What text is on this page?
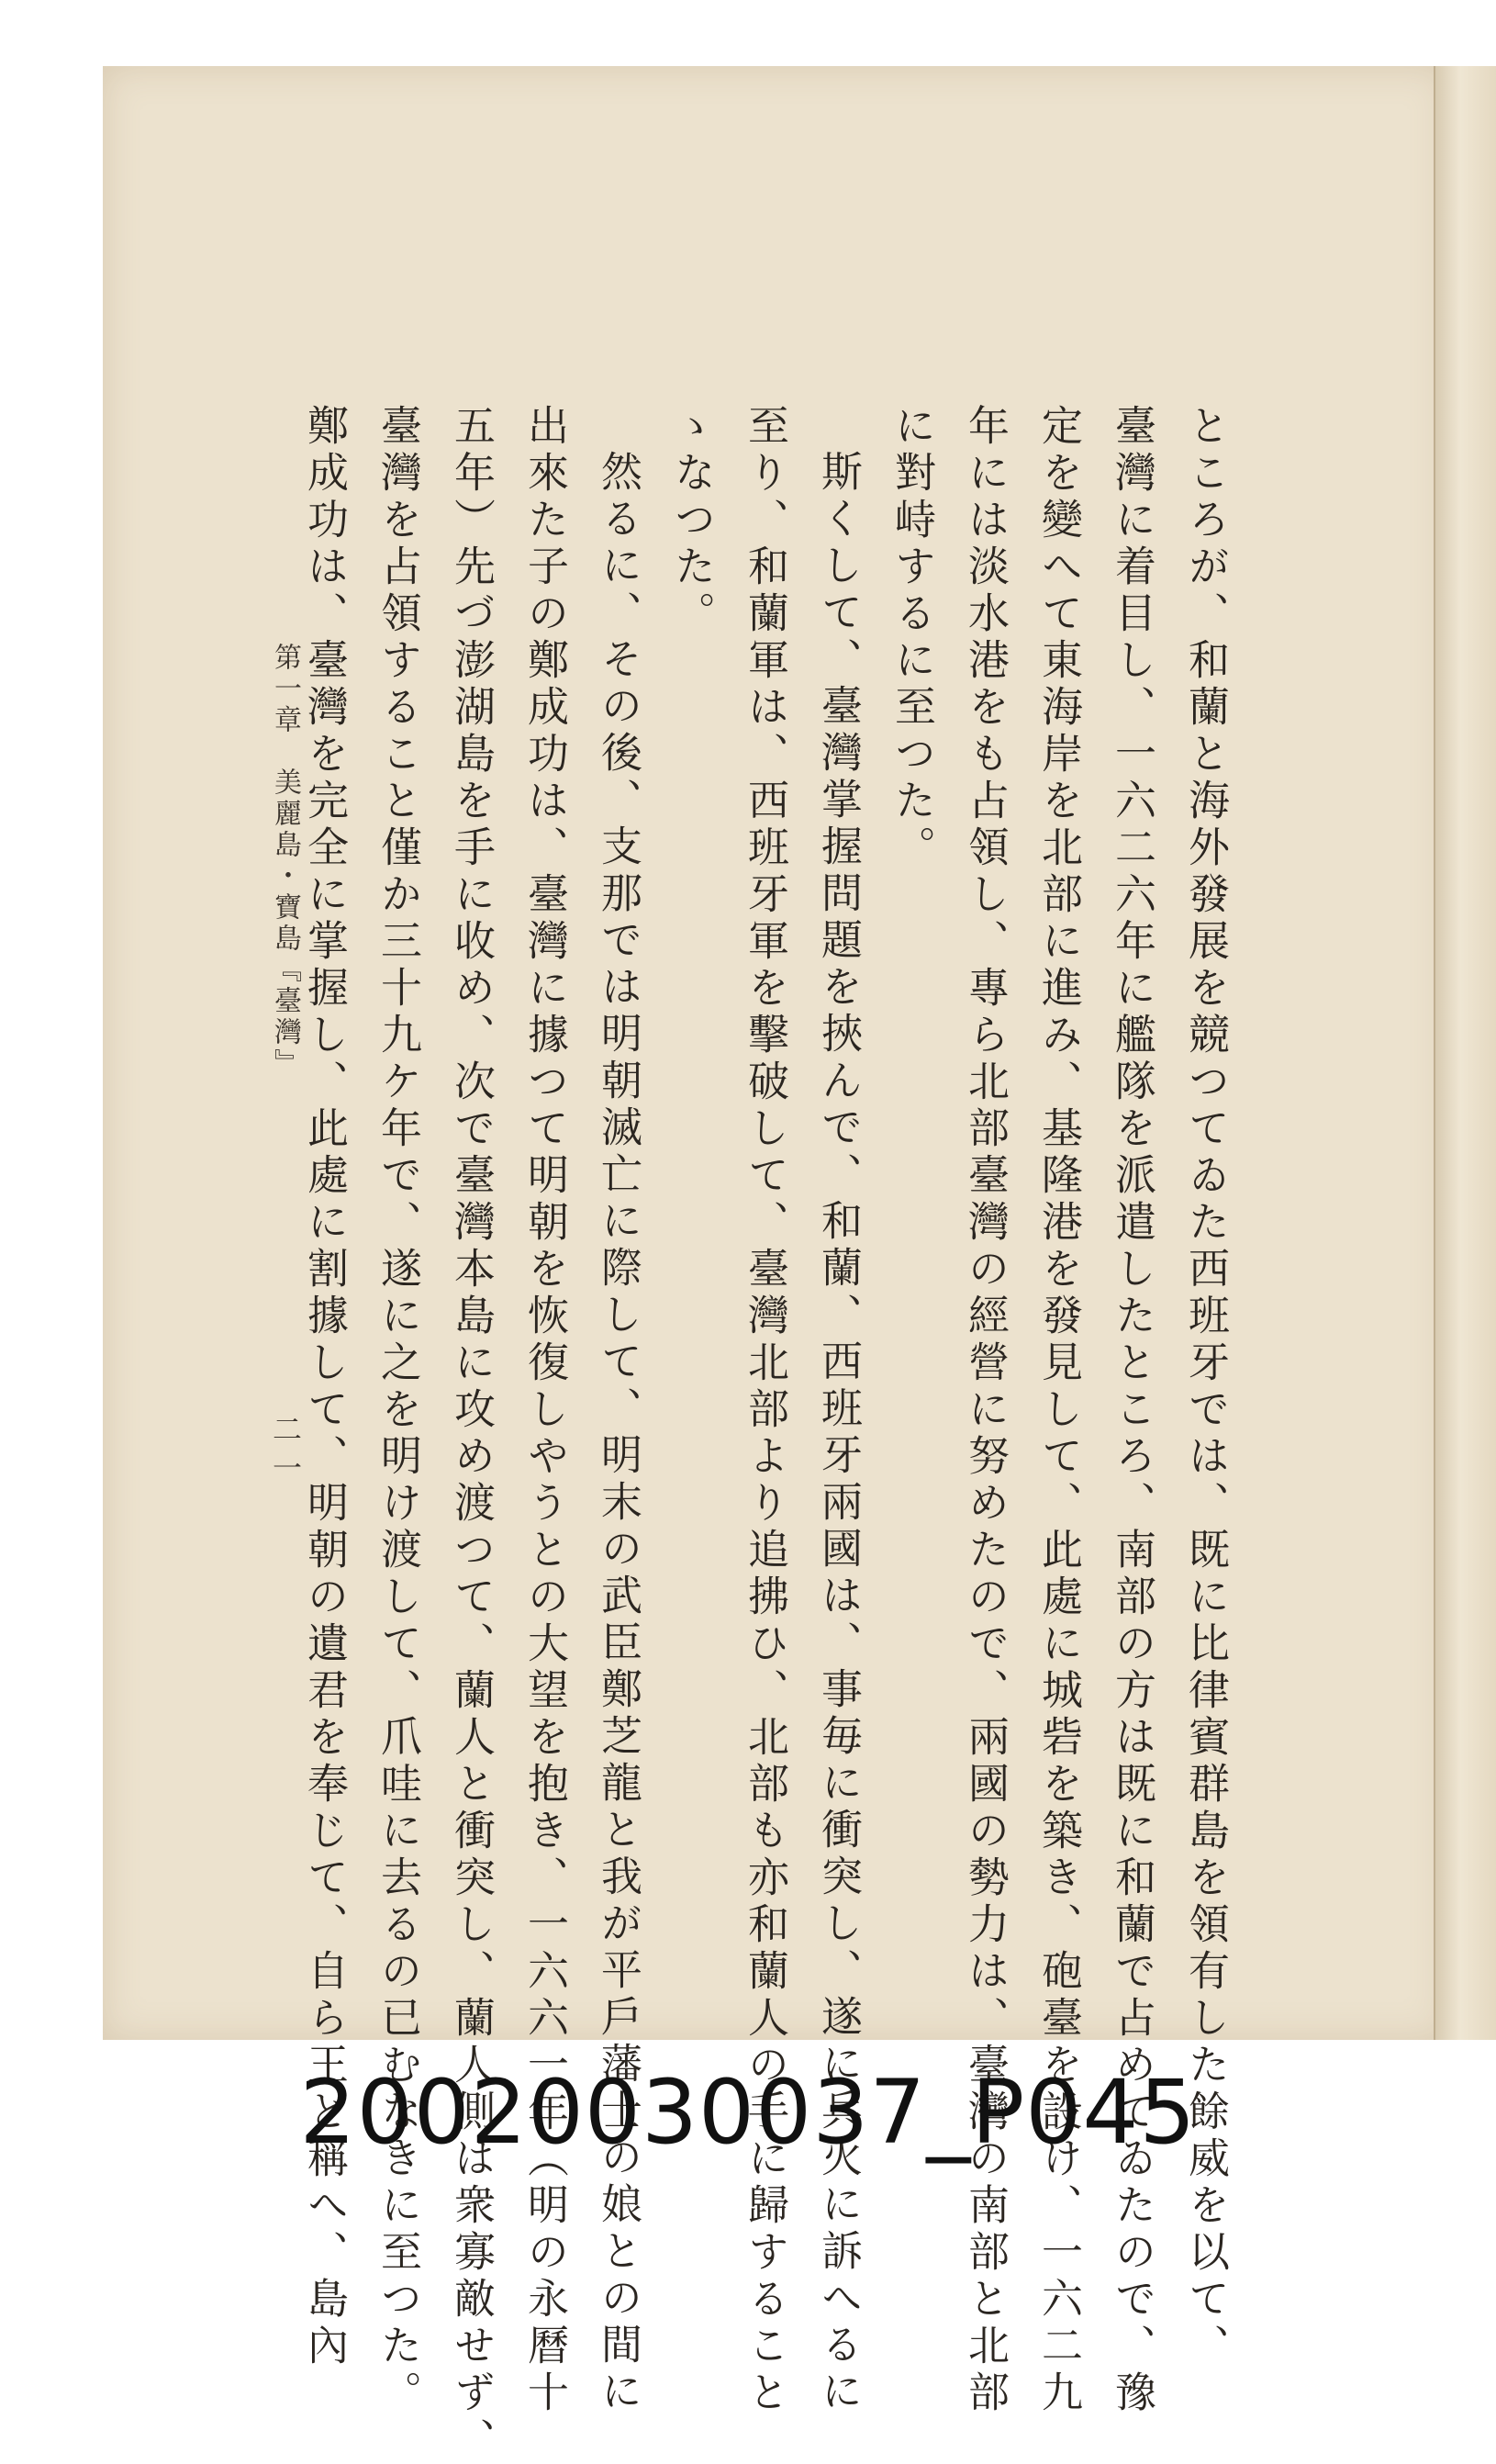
ところが、和蘭と海外發展を競つてゐた西班牙では、既に比律賓群島を領有した餘威を以て、
臺灣に着目し、一六二六年に艦隊を派遣したところ、南部の方は既に和蘭で占めてゐたので、豫
定を變へて東海岸を北部に進み、基隆港を發見して、此處に城砦を築き、砲臺を設け、一六二九
年には淡水港をも占領し、專ら北部臺灣の經營に努めたので、兩國の勢力は、臺灣の南部と北部
に對峙するに至つた。
斯くして、臺灣掌握問題を挾んで、和蘭、西班牙兩國は、事毎に衝突し、遂に兵火に訴へるに
至り、和蘭軍は、西班牙軍を擊破して、臺灣北部より追拂ひ、北部も亦和蘭人の手に歸すること
ゝなつた。
然るに、その後、支那では明朝滅亡に際して、明末の武臣鄭芝龍と我が平戶藩士の娘との間に
出來た子の鄭成功は、臺灣に據つて明朝を恢復しやうとの大望を抱き、一六六一年（明の永曆十
五年）先づ澎湖島を手に收め、次で臺灣本島に攻め渡つて、蘭人と衝突し、蘭人側は衆寡敵せず、
臺灣を占領すること僅か三十九ケ年で、遂に之を明け渡して、爪哇に去るの已むなきに至つた。
鄭成功は、臺灣を完全に掌握し、此處に割據して、明朝の遺君を奉じて、自ら王と稱へ、島內
第一章　美麗島・寶島『臺灣』
二一
20020030037_P045
